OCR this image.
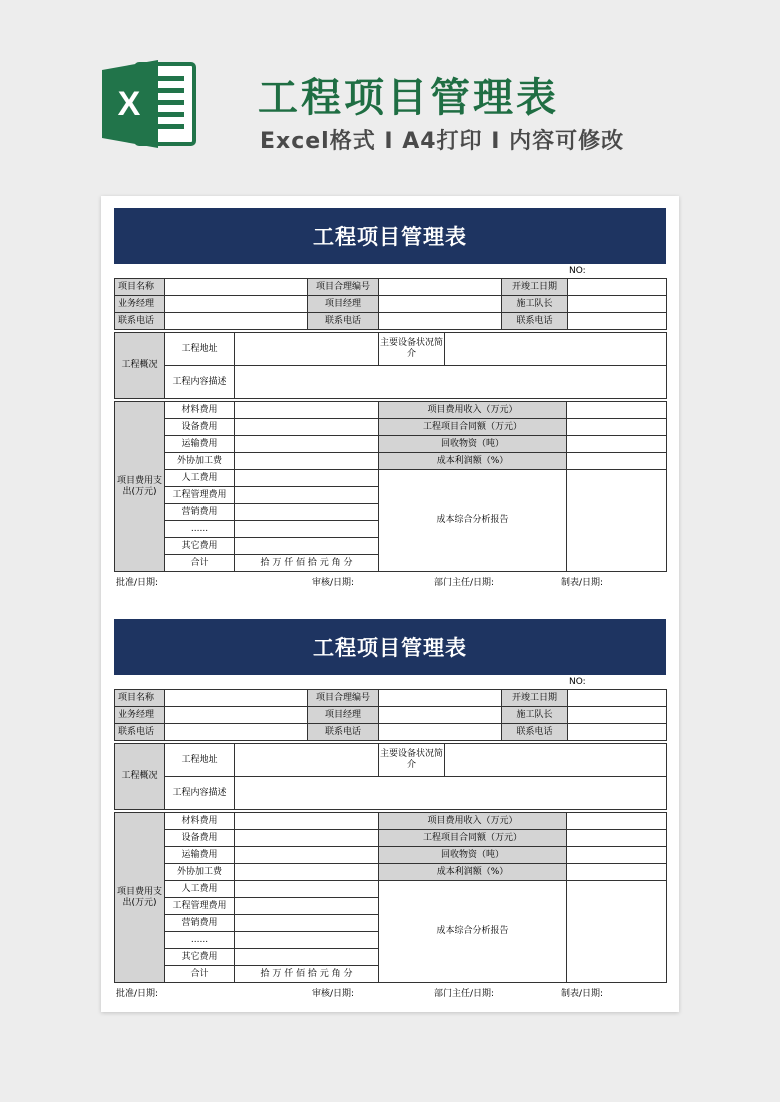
X	工程项目管理表
Excel格式 I A4打印 I 内容可修改
工程项目管理表
NO:
项目名称		项目合理编号		开竣工日期	
业务经理		项目经理		施工队长	
联系电话		联系电话		联系电话	
工程概况	工程地址		主要设备状况简介	
	工程内容描述			
项目费用支出(万元)	材料费用		项目费用收入（万元）	
	设备费用		工程项目合同额（万元）	
	运输费用		回收物资（吨）	
	外协加工费		成本利润额（%）	
	人工费用		成本综合分析报告	
	工程管理费用			
	营销费用			
	......			
	其它费用			
	合计	拾 万 仟 佰 拾 元 角 分		
批准/日期:	审核/日期:	部门主任/日期:	制表/日期:
工程项目管理表
NO:
项目名称		项目合理编号		开竣工日期	
业务经理		项目经理		施工队长	
联系电话		联系电话		联系电话	
工程概况	工程地址		主要设备状况简介	
	工程内容描述			
项目费用支出(万元)	材料费用		项目费用收入（万元）	
	设备费用		工程项目合同额（万元）	
	运输费用		回收物资（吨）	
	外协加工费		成本利润额（%）	
	人工费用		成本综合分析报告	
	工程管理费用			
	营销费用			
	......			
	其它费用			
	合计	拾 万 仟 佰 拾 元 角 分		
批准/日期:	审核/日期:	部门主任/日期:	制表/日期:
